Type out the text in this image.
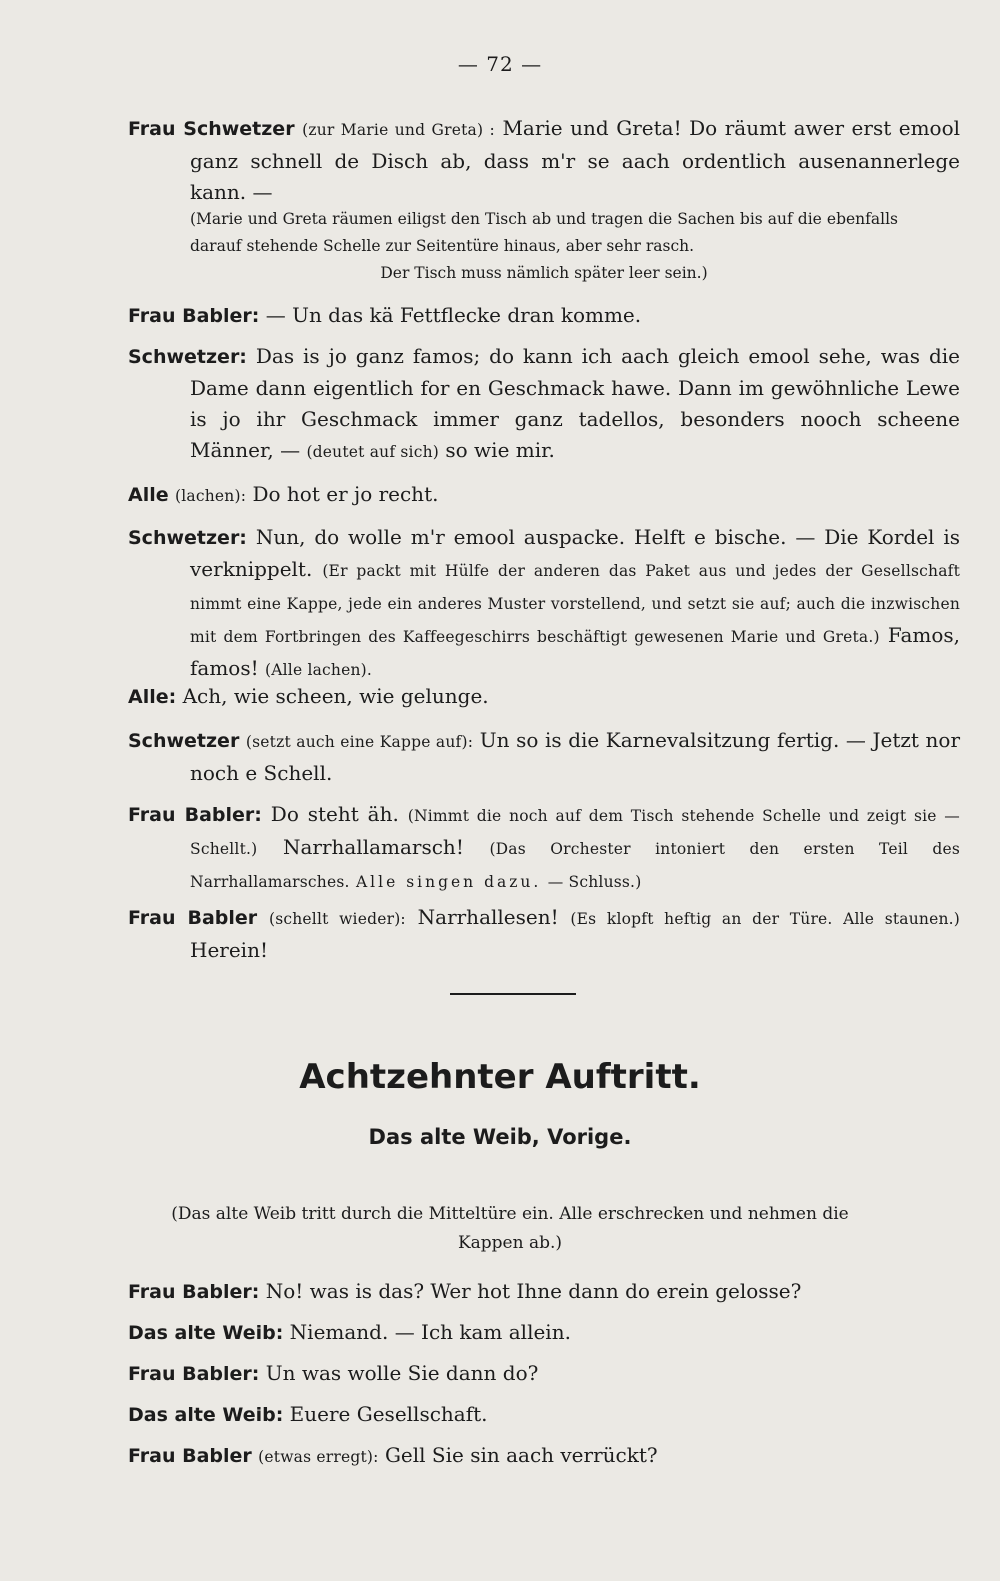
— 72 —
Frau Schwetzer (zur Marie und Greta) : Marie und Greta! Do räumt awer erst emool ganz schnell de Disch ab, dass m'r se aach ordentlich ausenannerlege kann. —
(Marie und Greta räumen eiligst den Tisch ab und tragen die Sachen bis auf die ebenfalls darauf stehende Schelle zur Seitentüre hinaus, aber sehr rasch.
Der Tisch muss nämlich später leer sein.)
Frau Babler: — Un das kä Fettflecke dran komme.
Schwetzer: Das is jo ganz famos; do kann ich aach gleich emool sehe, was die Dame dann eigentlich for en Geschmack hawe. Dann im gewöhnliche Lewe is jo ihr Geschmack immer ganz tadellos, besonders nooch scheene Männer, — (deutet auf sich) so wie mir.
Alle (lachen): Do hot er jo recht.
Schwetzer: Nun, do wolle m'r emool auspacke. Helft e bische. — Die Kordel is verknippelt. (Er packt mit Hülfe der anderen das Paket aus und jedes der Gesellschaft nimmt eine Kappe, jede ein anderes Muster vorstellend, und setzt sie auf; auch die inzwischen mit dem Fortbringen des Kaffeegeschirrs beschäftigt gewesenen Marie und Greta.) Famos, famos! (Alle lachen).
Alle: Ach, wie scheen, wie gelunge.
Schwetzer (setzt auch eine Kappe auf): Un so is die Karnevalsitzung fertig. — Jetzt nor noch e Schell.
Frau Babler: Do steht äh. (Nimmt die noch auf dem Tisch stehende Schelle und zeigt sie — Schellt.) Narrhallamarsch! (Das Orchester intoniert den ersten Teil des Narrhallamarsches. Alle singen dazu. — Schluss.)
Frau Babler (schellt wieder): Narrhallesen! (Es klopft heftig an der Türe. Alle staunen.) Herein!
Achtzehnter Auftritt.
Das alte Weib, Vorige.
(Das alte Weib tritt durch die Mitteltüre ein. Alle erschrecken und nehmen die Kappen ab.)
Frau Babler: No! was is das? Wer hot Ihne dann do erein gelosse?
Das alte Weib: Niemand. — Ich kam allein.
Frau Babler: Un was wolle Sie dann do?
Das alte Weib: Euere Gesellschaft.
Frau Babler (etwas erregt): Gell Sie sin aach verrückt?
